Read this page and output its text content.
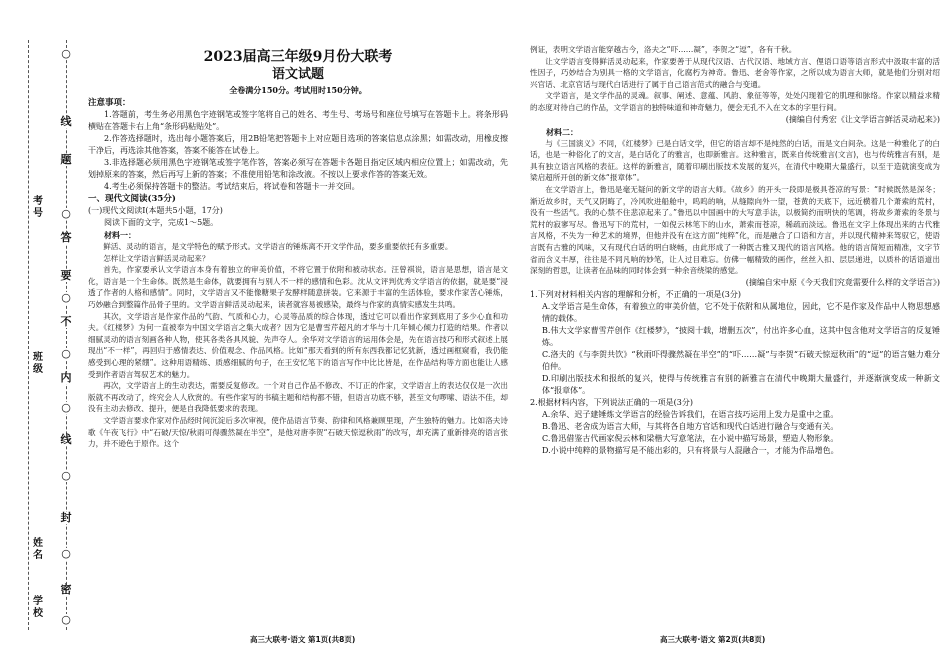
考号
班级
姓名
学校
○
线
题
○
答
要
○
不
○
内
○
线
○
封
○
密
○
2023届高三年级9月份大联考
语文试题
全卷满分150分。考试用时150分钟。
注意事项：
1.答题前，考生务必用黑色字迹钢笔或签字笔将自己的姓名、考生号、考场号和座位号填写在答题卡上。将条形码横贴在答题卡右上角“条形码粘贴处”。
2.作答选择题时，选出每小题答案后，用2B铅笔把答题卡上对应题目选项的答案信息点涂黑；如需改动，用橡皮擦干净后，再选涂其他答案，答案不能答在试卷上。
3.非选择题必须用黑色字迹钢笔或签字笔作答，答案必须写在答题卡各题目指定区域内相应位置上；如需改动，先划掉原来的答案，然后再写上新的答案；不准使用铅笔和涂改液。不按以上要求作答的答案无效。
4.考生必须保持答题卡的整洁。考试结束后，将试卷和答题卡一并交回。
一、现代文阅读(35分)
(一)现代文阅读Ⅰ(本题共5小题，17分)
阅读下面的文字，完成1～5题。
材料一：
鲜活、灵动的语言，是文学特色的赋予形式。文学语言的锤炼离不开文学作品，要多重要依托有多重要。
怎样让文学语言鲜活灵动起来？
首先，作家要承认文学语言本身有着独立的审美价值，不将它置于依附和被动状态。汪曾祺说，语言是思想，语言是文化，语言是一个生命体。既然是生命体，就要拥有与别人不一样的感情和色彩。沈从文评判优秀文学语言的依据，就是要“浸透了作者的人格和感情”。同时，文学语言又不能像糖果子发酵样随意拼装。它来源于丰富的生活体验，要求作家苦心锤炼，巧妙融合到整篇作品骨子里的。文学语言鲜活灵动起来，读者就容易被感染，最终与作家的真情实感发生共鸣。
其次，文学语言是作家作品的气韵、气质和心力，心灵等品质的综合体现，透过它可以看出作家到底用了多少心血和功夫。《红楼梦》为何一直被奉为中国文学语言之集大成者？因为它是曹雪芹超凡的才华与十几年倾心倾力打造的结果。作者以细腻灵动的语言刻画各种人物，使其各类各具风貌、先声夺人。余华对文学语言的运用体会是，先在语言技巧和形式叙述上展现出“不一样”，再回归于感情表达、价值观念、作品风格。比如“那天看到的所有东西我都记忆犹新，透过画框窥看，我仍能感受到心理的紧绷”。这种用语精练、质感细腻的句子，在王安忆笔下的语言写作中比比皆是，在作品结构等方面也能让人感受到作者语言驾驭艺术的魅力。
再次，文学语言上的生动表达，需要反复修改。一个对自己作品不修改、不订正的作家，文学语言上的表达仅仅是一次出版就不再改动了，终究会人人欣赏的。有些作家写的书稿主题和结构都不错，但语言功底不够，甚至文句啰嗦、语法不佳，却没有主动去修改、提升，便是自我降低要求的表现。
文学语言要求作家对作品经时间沉淀后多次审视，使作品语言节奏、韵律和风格兼顾里现，产生独特的魅力。比如洛夫诗歌《午夜飞行》中“石破/天惊/秋雨可得骤然凝在半空”，是他对唐李贺“石破天惊逗秋雨”的改写，却充满了重新排亮的语言张力，并不逊色于原作。这个
例证，表明文学语言能穿越古今，洛夫之“吓……凝”，李贺之“逗”，各有千秋。
让文学语言变得鲜活灵动起来，作家要善于从现代汉语、古代汉语、地域方言、俚语口语等语言形式中汲取丰富的活性因子，巧妙结合为别具一格的文学语言，化腐朽为神奇。鲁迅、老舍等作家，之所以成为语言大师，就是他们分别对绍兴官话、北京官话与现代白话进行了属于自己语言范式的融合与变通。
文学语言，是文学作品的灵魂。叙事、阐述、意蕴、风韵、象征等等，处处闪现着它的肌理和脉络。作家以精益求精的态度对待自己的作品，文学语言的独特味道和神奇魅力，便会无孔不入在文本的字里行间。
(摘编自付秀宏《让文学语言鲜活灵动起来》)
材料二：
与《三国演义》不同，《红楼梦》已是白话文学，但它的语言却不是纯然的白话，而是文白间杂。这是一种雅化了的白话，也是一种俗化了的文言，是白话化了的雅言，也即新雅言。这种雅言，既来自传统雅言(文言)，也与传统雅言有别，是具有独立语言风格的表征。这样的新雅言，随着印刷出版技术发展的复兴，在清代中晚期大量盛行，以至于造就演变成为梁启超所开创的新文体“报章体”。
在文学语言上，鲁迅是毫无疑问的新文学的语言大师。《故乡》的开头一段即是极具苍凉的写景：“时候既然是深冬；渐近故乡时，天气又阴晦了，冷风吹进船舱中，呜呜的响，从缝隙向外一望，苍黄的天底下，远近横着几个萧索的荒村，没有一些活气。我的心禁不住悲凉起来了。”鲁迅以中国画中的大写意手法，以极简约而明快的笔调，将故乡萧索的冬景与荒村的寂寥写尽。鲁迅写下的荒村，一如倪云林笔下的山水，萧索而苍凉，稀疏而淡远。鲁迅在文字上体现出来的古代雅言风格，不失为一种艺术的境界，但他并没有在这方面“纯粹”化，而是融合了口语和方言，并以现代精神来驾驭它，使语言既有古雅的风味，又有现代白话的明白晓畅，由此形成了一种既古雅又现代的语言风格。他的语言简短而精准，文字节省而含义丰厚，往往是不同凡响的妙笔，让人过目难忘。仿佛一幅精致的画作，丝丝入扣、层层递进，以质朴的话语道出深刻的哲思，让读者在品味的同时体会到一种余音绕梁的感觉。
(摘编自宋中原《今天我们究竟需要什么样的文学语言》)
1.下列对材料相关内容的理解和分析，不正确的一项是(3分)
A.文学语言是生命体，有着独立的审美价值，它不处于依附和从属地位，因此，它不是作家及作品中人物思想感情的载体。
B.伟大文学家曹雪芹创作《红楼梦》，“披阅十载，增删五次”，付出许多心血，这其中包含他对文学语言的反复锤炼。
C.洛夫的《与李贺共饮》“秋雨吓得骤然凝在半空”的“吓……凝”与李贺“石破天惊逗秋雨”的“逗”的语言魅力难分伯仲。
D.印刷出版技术和报纸的复兴，使得与传统雅言有别的新雅言在清代中晚期大量盛行，并逐渐演变成一种新文体“报章体”。
2.根据材料内容，下列说法正确的一项是(3分)
A.余华、迟子建锤炼文学语言的经验告诉我们，在语言技巧运用上发力是重中之重。
B.鲁迅、老舍成为语言大师，与其将各自地方官话和现代白话进行融合与变通有关。
C.鲁迅借鉴古代画家倪云林和梁楷大写意笔法，在小说中描写场景，塑造人物形象。
D.小说中纯粹的景物描写是不能出彩的，只有将景与人混融合一，才能为作品增色。
高三大联考·语文 第1页(共8页)	高三大联考·语文 第2页(共8页)
